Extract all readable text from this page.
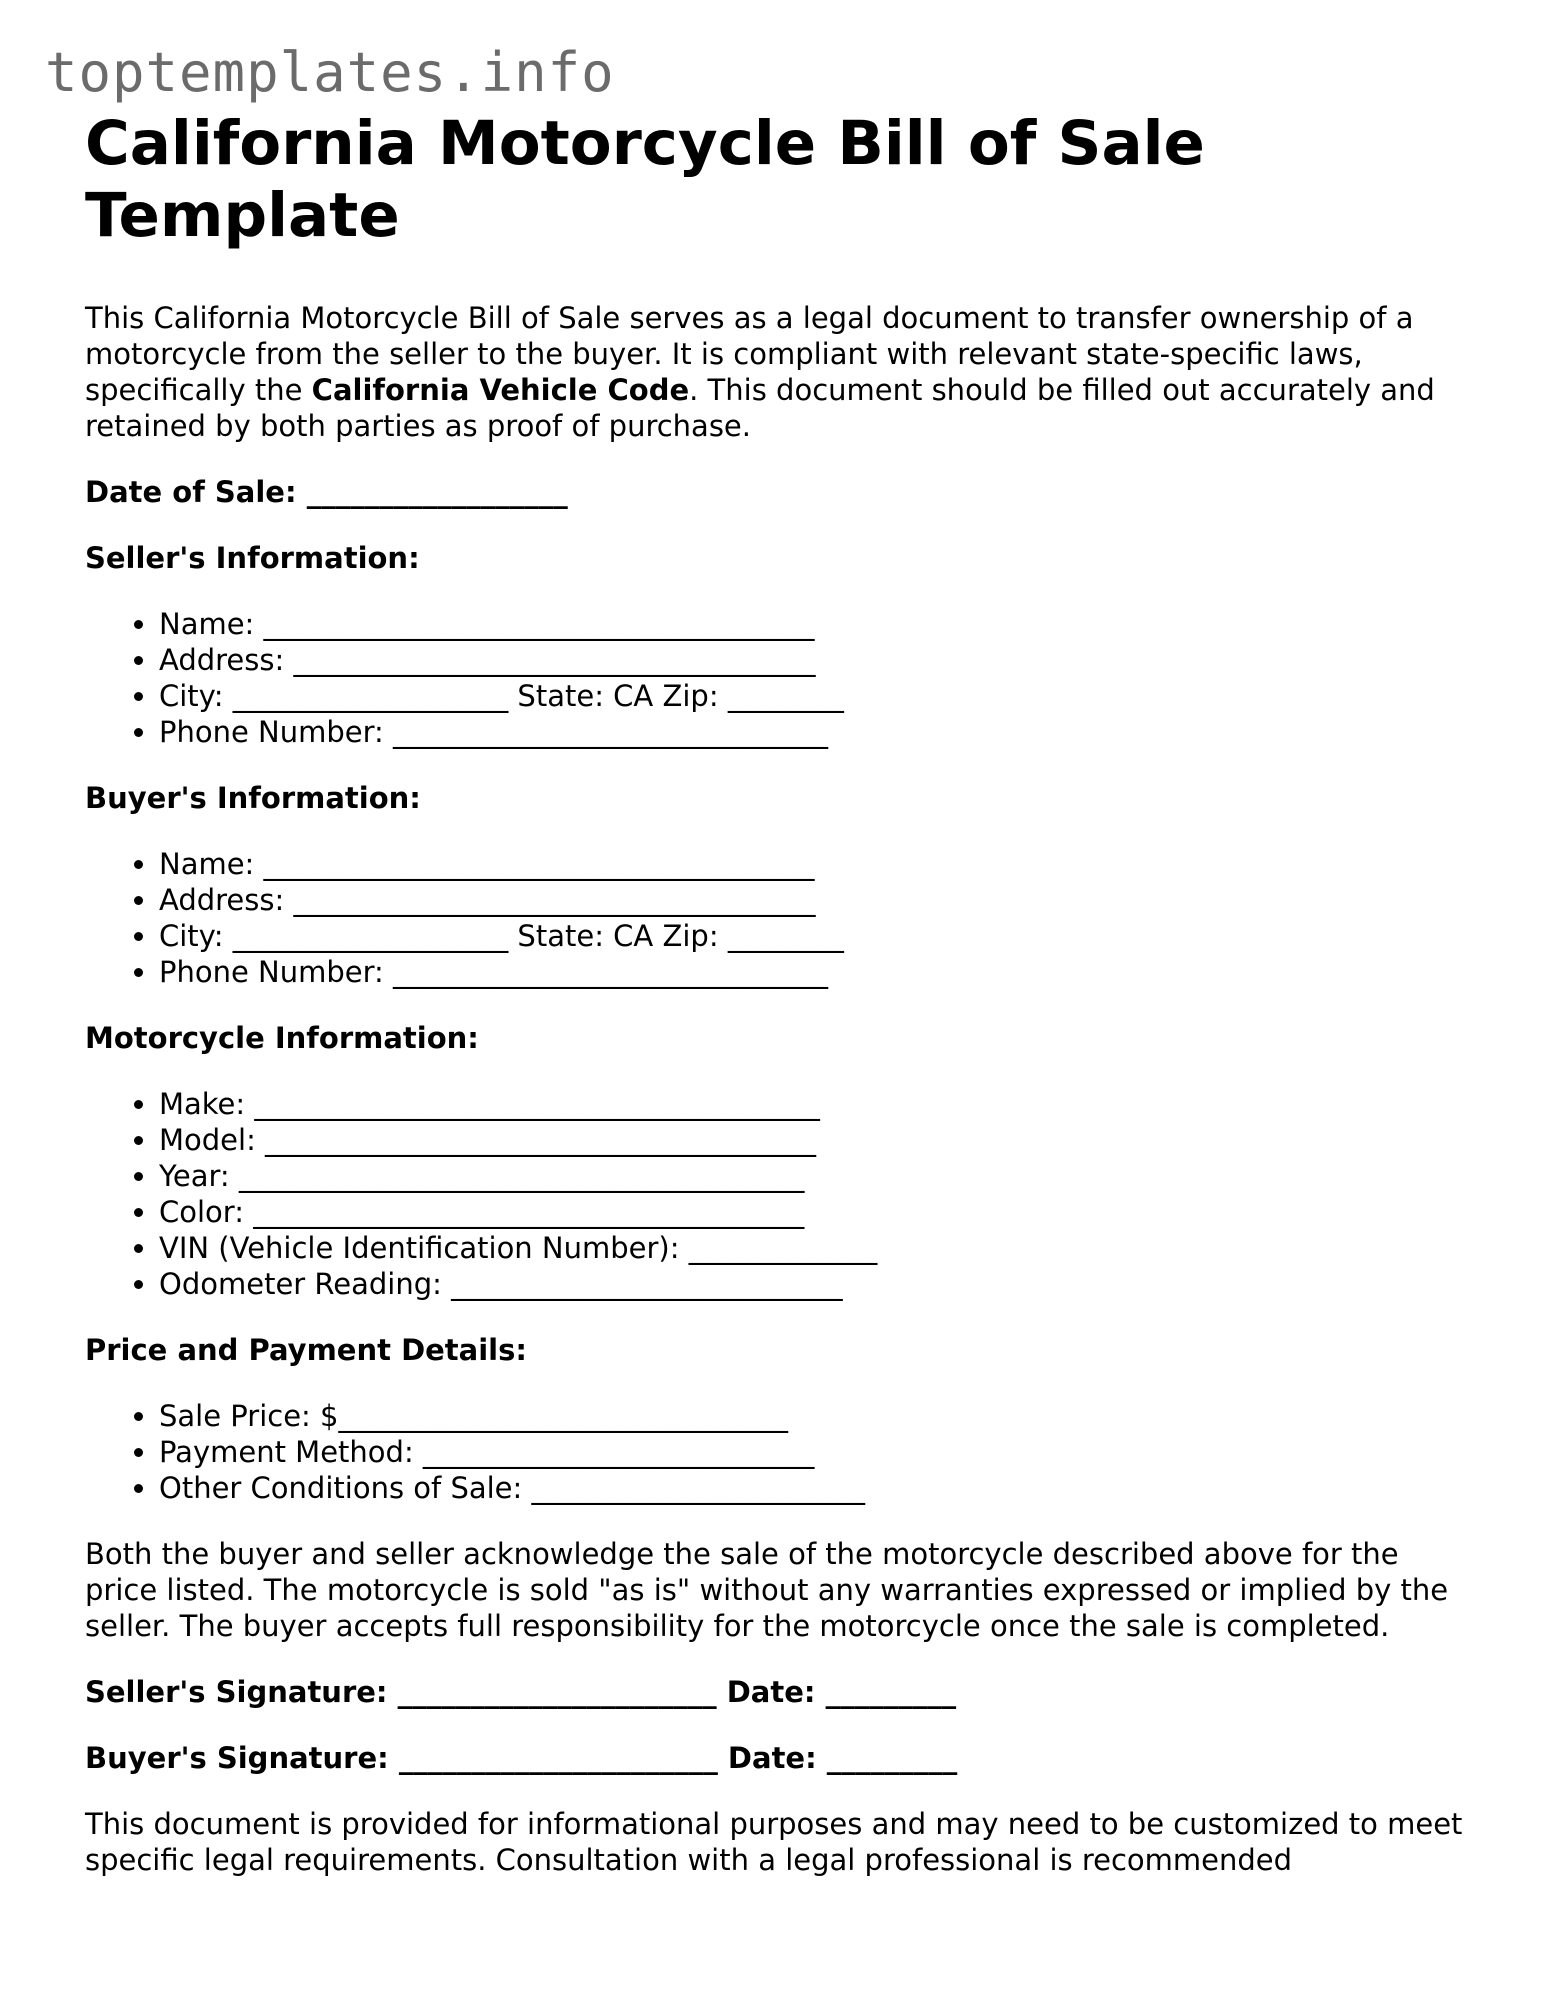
toptemplates.info
California Motorcycle Bill of Sale Template

This California Motorcycle Bill of Sale serves as a legal document to transfer ownership of a motorcycle from the seller to the buyer. It is compliant with relevant state-specific laws, specifically the California Vehicle Code. This document should be filled out accurately and retained by both parties as proof of purchase.

Date of Sale: __________________

Seller's Information:
• Name: ______________________________________
• Address: ____________________________________
• City: ___________________ State: CA Zip: ________
• Phone Number: ______________________________
Buyer's Information:
• Name: ______________________________________
• Address: ____________________________________
• City: ___________________ State: CA Zip: ________
• Phone Number: ______________________________
Motorcycle Information:
• Make: _______________________________________
• Model: ______________________________________
• Year: _______________________________________
• Color: ______________________________________
• VIN (Vehicle Identification Number): _____________
• Odometer Reading: ___________________________
Price and Payment Details:
• Sale Price: $_______________________________
• Payment Method: ___________________________
• Other Conditions of Sale: _______________________

Both the buyer and seller acknowledge the sale of the motorcycle described above for the price listed. The motorcycle is sold "as is" without any warranties expressed or implied by the seller. The buyer accepts full responsibility for the motorcycle once the sale is completed.

Seller's Signature: ______________________ Date: _________

Buyer's Signature: ______________________ Date: _________

This document is provided for informational purposes and may need to be customized to meet specific legal requirements. Consultation with a legal professional is recommended
